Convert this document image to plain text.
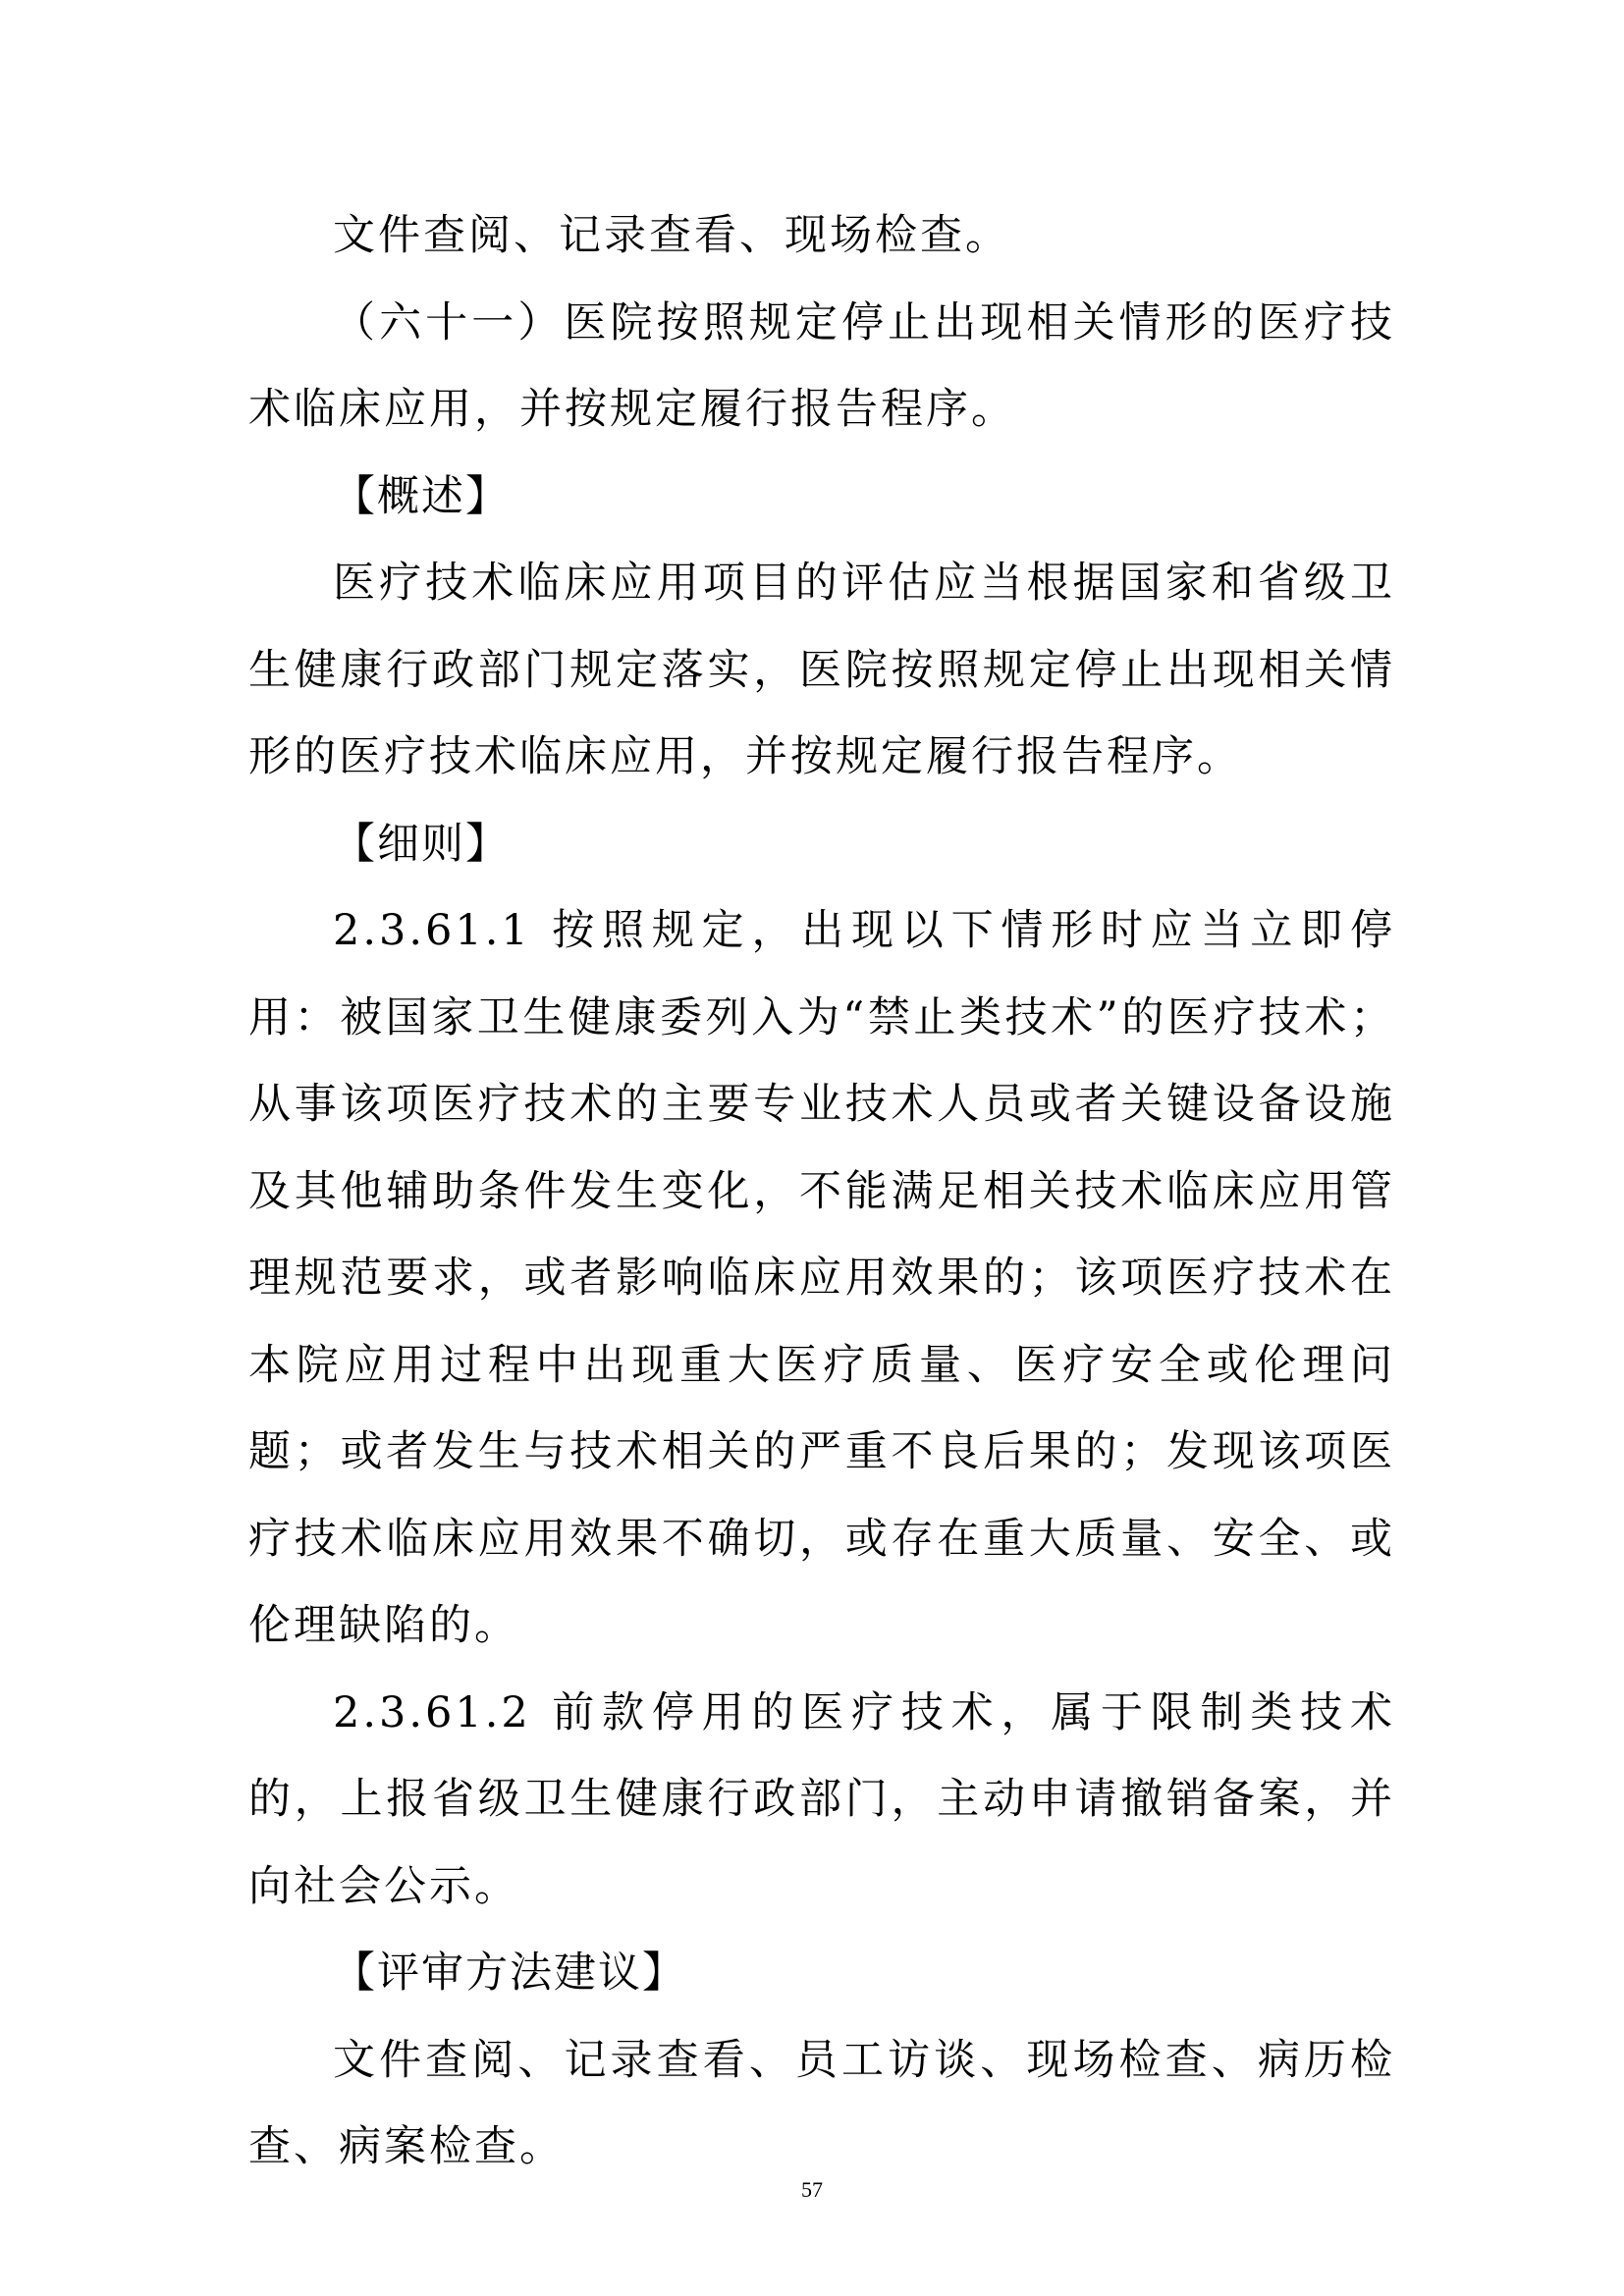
文件查阅、记录查看、现场检查。

（六十一）医院按照规定停止出现相关情形的医疗技术临床应用，并按规定履行报告程序。

【概述】

医疗技术临床应用项目的评估应当根据国家和省级卫生健康行政部门规定落实，医院按照规定停止出现相关情形的医疗技术临床应用，并按规定履行报告程序。

【细则】

2.3.61.1 按照规定，出现以下情形时应当立即停用：被国家卫生健康委列入为“禁止类技术”的医疗技术；从事该项医疗技术的主要专业技术人员或者关键设备设施及其他辅助条件发生变化，不能满足相关技术临床应用管理规范要求，或者影响临床应用效果的；该项医疗技术在本院应用过程中出现重大医疗质量、医疗安全或伦理问题；或者发生与技术相关的严重不良后果的；发现该项医疗技术临床应用效果不确切，或存在重大质量、安全、或伦理缺陷的。

2.3.61.2 前款停用的医疗技术，属于限制类技术的，上报省级卫生健康行政部门，主动申请撤销备案，并向社会公示。

【评审方法建议】

文件查阅、记录查看、员工访谈、现场检查、病历检查、病案检查。

57
